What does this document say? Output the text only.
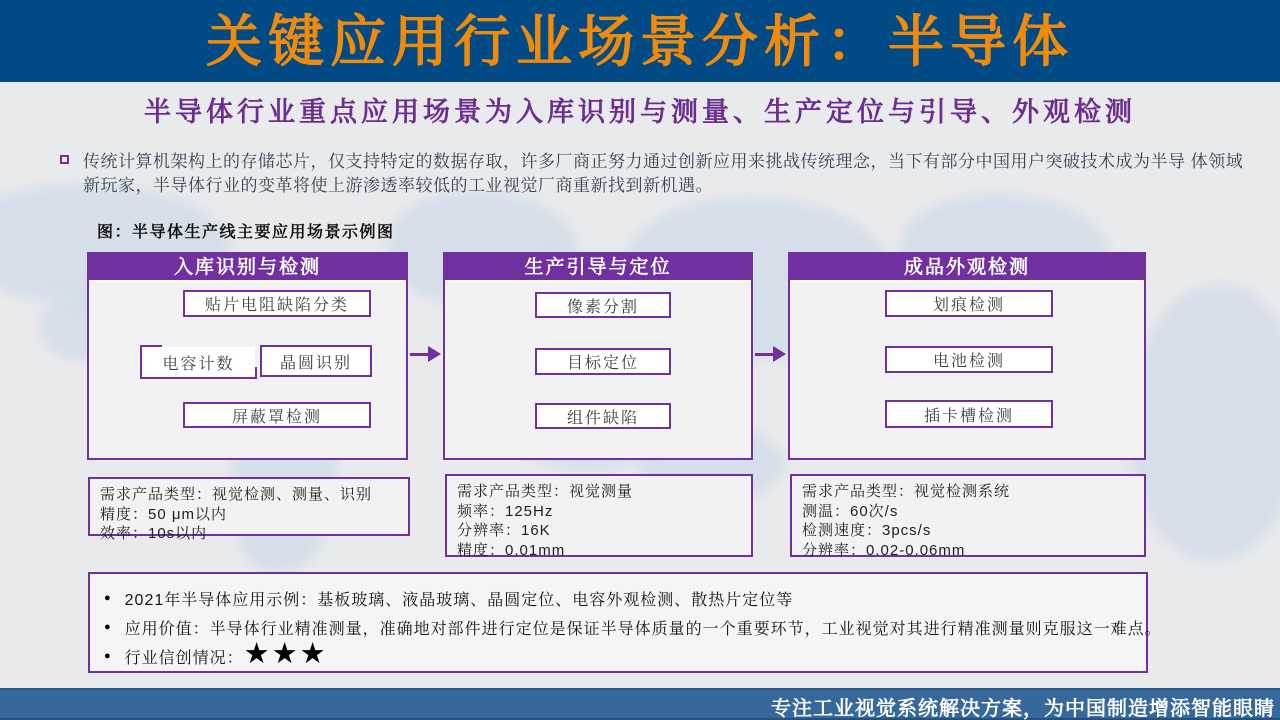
关键应用行业场景分析：半导体
半导体行业重点应用场景为入库识别与测量、生产定位与引导、外观检测

传统计算机架构上的存储芯片，仅支持特定的数据存取，许多厂商正努力通过创新应用来挑战传统理念，当下有部分中国用户突破技术成为半导 体领域新玩家，半导体行业的变革将使上游渗透率较低的工业视觉厂商重新找到新机遇。

图：半导体生产线主要应用场景示例图
入库识别与检测
贴片电阻缺陷分类
电容计数	晶圆识别
屏蔽罩检测
生产引导与定位
像素分割
目标定位
组件缺陷
成品外观检测
划痕检测
电池检测
插卡槽检测
需求产品类型：视觉检测、测量、识别
精度：50 μm以内
效率：10s以内
需求产品类型：视觉测量
频率：125Hz
分辨率：16K
精度：0.01mm
需求产品类型：视觉检测系统
测温：60次/s
检测速度：3pcs/s
分辨率：0.02-0.06mm
● 2021年半导体应用示例：基板玻璃、液晶玻璃、晶圆定位、电容外观检测、散热片定位等
● 应用价值：半导体行业精准测量，准确地对部件进行定位是保证半导体质量的一个重要环节，工业视觉对其进行精准测量则克服这一难点。
● 行业信创情况： ★★★
专注工业视觉系统解决方案，为中国制造增添智能眼睛
